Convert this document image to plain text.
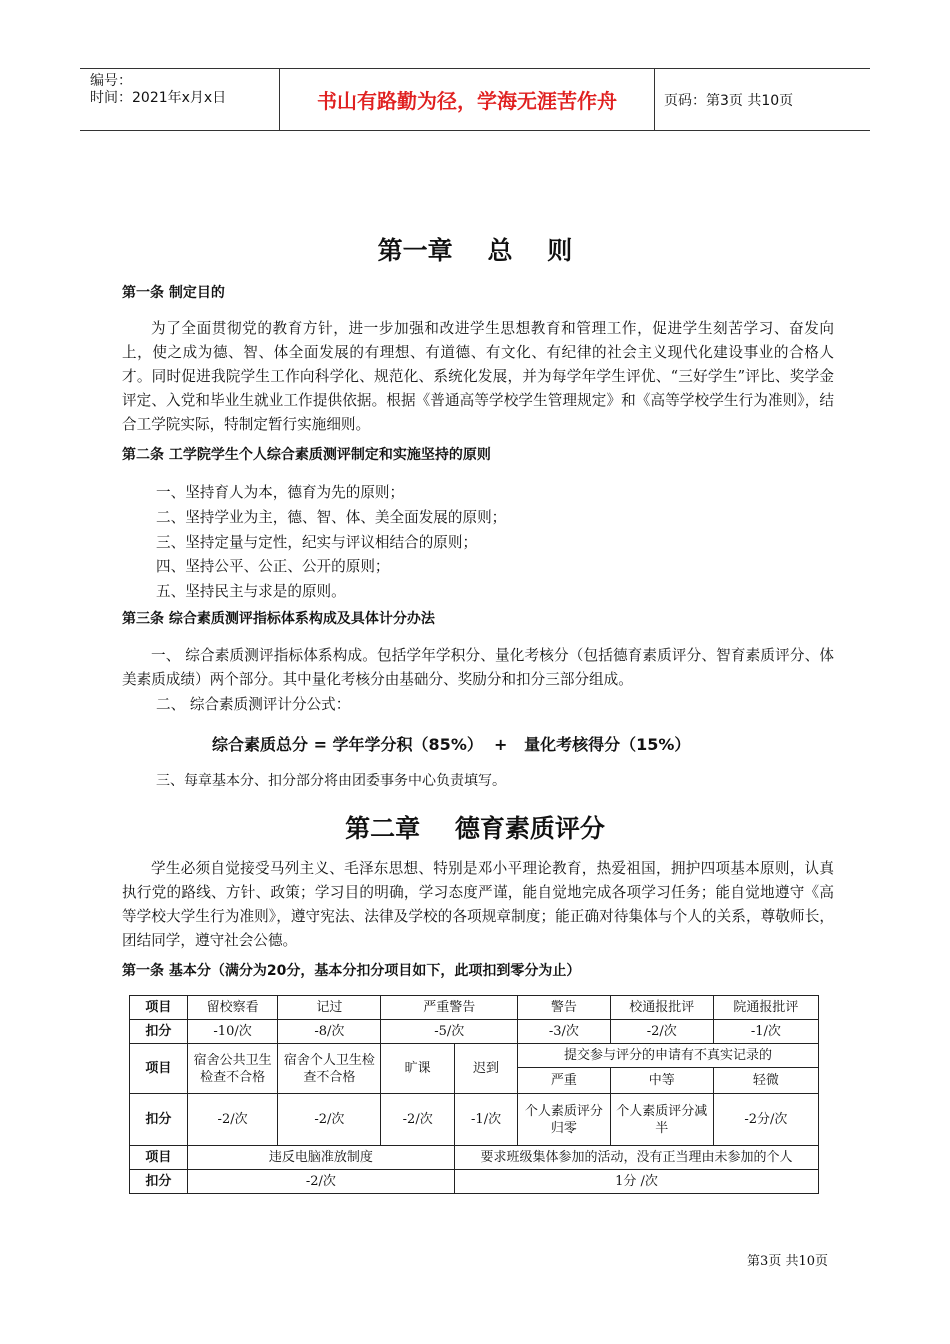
编号：
时间：2021年x月x日	书山有路勤为径，学海无涯苦作舟	页码：第3页 共10页
第一章    总    则
第一条 制定目的

为了全面贯彻党的教育方针，进一步加强和改进学生思想教育和管理工作，促进学生刻苦学习、奋发向上，使之成为德、智、体全面发展的有理想、有道德、有文化、有纪律的社会主义现代化建设事业的合格人才。同时促进我院学生工作向科学化、规范化、系统化发展，并为每学年学生评优、“三好学生”评比、奖学金评定、入党和毕业生就业工作提供依据。根据《普通高等学校学生管理规定》和《高等学校学生行为准则》，结合工学院实际，特制定暂行实施细则。

第二条 工学院学生个人综合素质测评制定和实施坚持的原则
一、坚持育人为本，德育为先的原则；
二、坚持学业为主，德、智、体、美全面发展的原则；
三、坚持定量与定性，纪实与评议相结合的原则；
四、坚持公平、公正、公开的原则；
五、坚持民主与求是的原则。
第三条 综合素质测评指标体系构成及具体计分办法

一、 综合素质测评指标体系构成。包括学年学积分、量化考核分（包括德育素质评分、智育素质评分、体美素质成绩）两个部分。其中量化考核分由基础分、奖励分和扣分三部分组成。

二、 综合素质测评计分公式：
综合素质总分 = 学年学分积（85%）  +   量化考核得分（15%）
三、每章基本分、扣分部分将由团委事务中心负责填写。
第二章    德育素质评分

学生必须自觉接受马列主义、毛泽东思想、特别是邓小平理论教育，热爱祖国，拥护四项基本原则，认真执行党的路线、方针、政策；学习目的明确，学习态度严谨，能自觉地完成各项学习任务；能自觉地遵守《高等学校大学生行为准则》，遵守宪法、法律及学校的各项规章制度；能正确对待集体与个人的关系，尊敬师长，团结同学，遵守社会公德。

第一条 基本分（满分为20分，基本分扣分项目如下，此项扣到零分为止）
项目	留校察看	记过	严重警告		警告	校通报批评	院通报批评
扣分	-10/次	-8/次	-5/次		-3/次	-2/次	-1/次
项目	宿舍公共卫生检查不合格	宿舍个人卫生检查不合格	旷课	迟到	提交参与评分的申请有不真实记录的		
					严重	中等	轻微
扣分	-2/次	-2/次	-2/次	-1/次	个人素质评分归零	个人素质评分减半	-2分/次
项目	违反电脑准放制度			要求班级集体参加的活动，没有正当理由未参加的个人			
扣分	-2/次			1分 /次			
第3页 共10页
